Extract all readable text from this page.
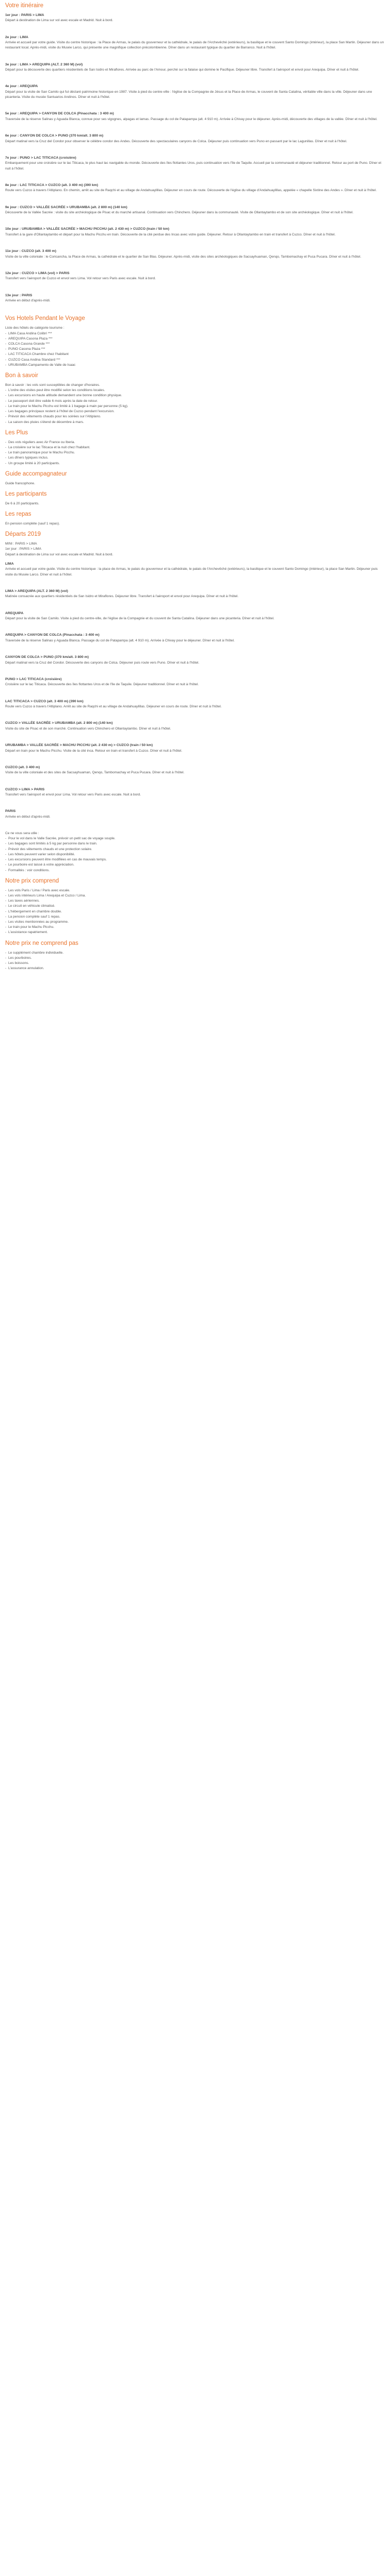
Votre itinéraire
1er jour : PARIS > LIMA
Départ à destination de Lima sur vol avec escale et Madrid. Nuit à bord.
2e jour : LIMA
Arrivée et accueil par votre guide. Visite du centre historique : la Place de Armas, le palais du gouverneur et la cathédrale, le palais de l'Archevêché (extérieurs), la basilique et le couvent Santo Domingo (intérieur), la place San Martin. Déjeuner dans un restaurant local. Après-midi, visite du Musée Larco, qui présente une magnifique collection précolombienne. Dîner dans un restaurant typique du quartier de Barranco. Nuit à l'hôtel.
3e jour : LIMA > AREQUIPA (ALT. 2 360 M) (vol)
Départ pour la découverte des quartiers résidentiels de San Isidro et Miraflores. Arrivée au parc de l'Amour, perché sur la falaise qui domine le Pacifique. Déjeuner libre. Transfert à l'aéroport et envol pour Arequipa. Dîner et nuit à l'hôtel.
4e jour : AREQUIPA
Départ pour la visite de San Camilo qui fut déclaré patrimoine historique en 1987. Visite à pied du centre-ville : l'église de la Compagnie de Jésus et la Place de Armas, le couvent de Santa Catalina, véritable ville dans la ville. Déjeuner dans une picanteria. Visite du musée Santuarios Andinos. Dîner et nuit à l'hôtel.
5e jour : AREQUIPA > CANYON DE COLCA (Pinacchata : 3 400 m)
Traversée de la réserve Salinas y Aguada Blanca, connue pour ses vigognes, alpagas et lamas. Passage du col de Patapampa (alt. 4 910 m). Arrivée à Chivay pour le déjeuner. Après-midi, découverte des villages de la vallée. Dîner et nuit à l'hôtel.
6e jour : CANYON DE COLCA > PUNO (370 km/alt. 3 800 m)
Départ matinal vers la Cruz del Condor pour observer le célèbre condor des Andes. Découverte des spectaculaires canyons de Colca. Déjeuner puis continuation vers Puno en passant par le lac Lagunillas. Dîner et nuit à l'hôtel.
7e jour : PUNO > LAC TITICACA (croisière)
Embarquement pour une croisière sur le lac Titicaca, le plus haut lac navigable du monde. Découverte des îles flottantes Uros, puis continuation vers l'île de Taquile. Accueil par la communauté et déjeuner traditionnel. Retour au port de Puno. Dîner et nuit à l'hôtel.
8e jour : LAC TITICACA > CUZCO (alt. 3 400 m) (390 km)
Route vers Cuzco à travers l'Altiplano. En chemin, arrêt au site de Raqchi et au village de Andahuaylillas. Déjeuner en cours de route. Découverte de l'église du village d'Andahuaylillas, appelée « chapelle Sixtine des Andes ». Dîner et nuit à l'hôtel.
9e jour : CUZCO > VALLÉE SACRÉE > URUBAMBA (alt. 2 800 m) (140 km)
Découverte de la Vallée Sacrée : visite du site archéologique de Pisac et du marché artisanal. Continuation vers Chinchero. Déjeuner dans la communauté. Visite de Ollantaytambo et de son site archéologique. Dîner et nuit à l'hôtel.
10e jour : URUBAMBA > VALLÉE SACRÉE > MACHU PICCHU (alt. 2 430 m) > CUZCO (train / 50 km)
Transfert à la gare d'Ollantaytambo et départ pour la Machu Picchu en train. Découverte de la cité perdue des Incas avec votre guide. Déjeuner. Retour à Ollantaytambo en train et transfert à Cuzco. Dîner et nuit à l'hôtel.
11e jour : CUZCO (alt. 3 400 m)
Visite de la ville coloniale : le Coricancha, la Place de Armas, la cathédrale et le quartier de San Blas. Déjeuner. Après-midi, visite des sites archéologiques de Sacsayhuaman, Qenqo, Tambomachay et Puca Pucara. Dîner et nuit à l'hôtel.
12e jour : CUZCO > LIMA (vol) > PARIS
Transfert vers l'aéroport de Cuzco et envol vers Lima. Vol retour vers Paris avec escale. Nuit à bord.
13e jour : PARIS
Arrivée en début d'après-midi.
Vos Hotels Pendant le Voyage

Liste des hôtels de catégorie tourisme :

- LIMA Casa Andina Colibrí ***
- AREQUIPA Casona Plaza ***
- COLCA Casona Grande ***
- PUNO Casona Plaza ***
- LAC TITICACA Chambre chez l'habitant
- CUZCO Casa Andina Standard ***
- URUBAMBA Campamento de Valle de Isaac
Bon à savoir

Bon à savoir : les vols sont susceptibles de changer d'horaires.

- L'ordre des visites peut être modifié selon les conditions locales.
- Les excursions en haute altitude demandent une bonne condition physique.
- Le passeport doit être valide 6 mois après la date de retour.
- Le train pour le Machu Picchu est limité à 1 bagage à main par personne (5 kg).
- Les bagages principaux restent à l'hôtel de Cuzco pendant l'excursion.
- Prévoir des vêtements chauds pour les soirées sur l'Altiplano.
- La saison des pluies s'étend de décembre à mars.
Les Plus
- Des vols réguliers avec Air France ou Iberia.
- La croisière sur le lac Titicaca et la nuit chez l'habitant.
- Le train panoramique pour le Machu Picchu.
- Les dîners typiques inclus.
- Un groupe limité à 20 participants.
Guide accompagnateur

Guide francophone.

Les participants

De 6 à 20 participants.

Les repas

En pension complète (sauf 1 repas).

Départs 2019

MINI : PARIS > LIMA

1er jour : PARIS > LIMA

Départ à destination de Lima sur vol avec escale et Madrid. Nuit à bord.

LIMA
Arrivée et accueil par votre guide. Visite du centre historique : la place de Armas, le palais du gouverneur et la cathédrale, le palais de l'Archevêché (extérieurs), la basilique et le couvent Santo Domingo (intérieur), la place San Martin. Déjeuner puis visite du Musée Larco. Dîner et nuit à l'hôtel.
LIMA > AREQUIPA (ALT. 2 360 M) (vol)
Matinée consacrée aux quartiers résidentiels de San Isidro et Miraflores. Déjeuner libre. Transfert à l'aéroport et envol pour Arequipa. Dîner et nuit à l'hôtel.
AREQUIPA
Départ pour la visite de San Camilo. Visite à pied du centre-ville, de l'église de la Compagnie et du couvent de Santa Catalina. Déjeuner dans une picanteria. Dîner et nuit à l'hôtel.
AREQUIPA > CANYON DE COLCA (Pinacchata : 3 400 m)
Traversée de la réserve Salinas y Aguada Blanca. Passage du col de Patapampa (alt. 4 910 m). Arrivée à Chivay pour le déjeuner. Dîner et nuit à l'hôtel.
CANYON DE COLCA > PUNO (370 km/alt. 3 800 m)
Départ matinal vers la Cruz del Condor. Découverte des canyons de Colca. Déjeuner puis route vers Puno. Dîner et nuit à l'hôtel.
PUNO > LAC TITICACA (croisière)
Croisière sur le lac Titicaca. Découverte des îles flottantes Uros et de l'île de Taquile. Déjeuner traditionnel. Dîner et nuit à l'hôtel.
LAC TITICACA > CUZCO (alt. 3 400 m) (390 km)
Route vers Cuzco à travers l'Altiplano. Arrêt au site de Raqchi et au village de Andahuaylillas. Déjeuner en cours de route. Dîner et nuit à l'hôtel.
CUZCO > VALLÉE SACRÉE > URUBAMBA (alt. 2 800 m) (140 km)
Visite du site de Pisac et de son marché. Continuation vers Chinchero et Ollantaytambo. Dîner et nuit à l'hôtel.
URUBAMBA > VALLÉE SACRÉE > MACHU PICCHU (alt. 2 430 m) > CUZCO (train / 50 km)
Départ en train pour le Machu Picchu. Visite de la cité inca. Retour en train et transfert à Cuzco. Dîner et nuit à l'hôtel.
CUZCO (alt. 3 400 m)
Visite de la ville coloniale et des sites de Sacsayhuaman, Qenqo, Tambomachay et Puca Pucara. Dîner et nuit à l'hôtel.
CUZCO > LIMA > PARIS
Transfert vers l'aéroport et envol pour Lima. Vol retour vers Paris avec escale. Nuit à bord.
PARIS
Arrivée en début d'après-midi.

Ce ne vous sera utile :

- Pour le vol dans le Valle Sacrée, prévoir un petit sac de voyage souple.
- Les bagages sont limités à 5 kg par personne dans le train.
- Prévoir des vêtements chauds et une protection solaire.
- Les hôtels peuvent varier selon disponibilité.
- Les excursions peuvent être modifiées en cas de mauvais temps.
- Le pourboire est laissé à votre appréciation.
- Formalités : voir conditions.
Notre prix comprend
- Les vols Paris / Lima / Paris avec escale.
- Les vols intérieurs Lima / Arequipa et Cuzco / Lima.
- Les taxes aériennes.
- Le circuit en véhicule climatisé.
- L'hébergement en chambre double.
- La pension complète sauf 1 repas.
- Les visites mentionnées au programme.
- Le train pour le Machu Picchu.
- L'assistance rapatriement.
Notre prix ne comprend pas
- Le supplément chambre individuelle.
- Les pourboires.
- Les boissons.
- L'assurance annulation.
